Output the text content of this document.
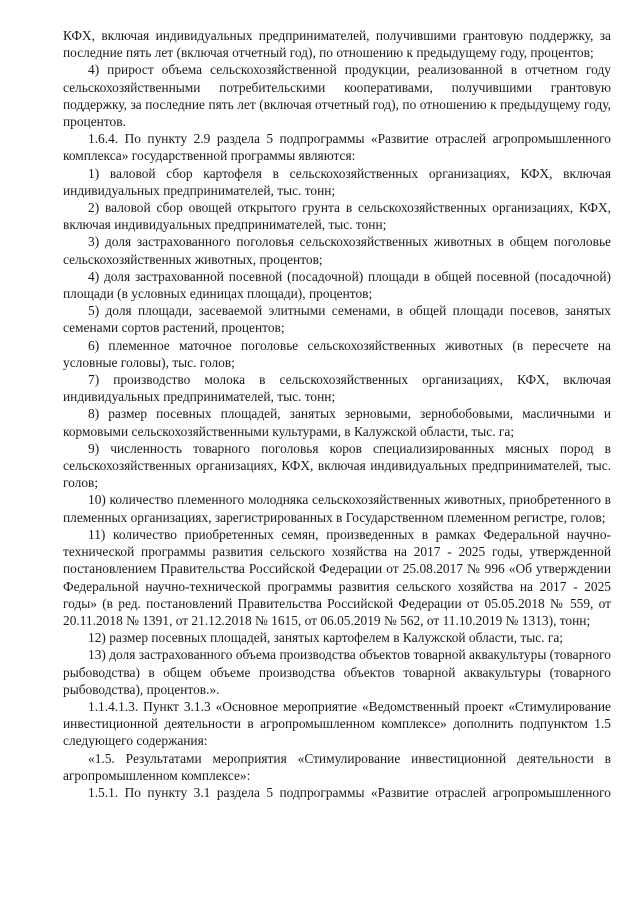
КФХ, включая индивидуальных предпринимателей, получившими грантовую поддержку, за последние пять лет (включая отчетный год), по отношению к предыдущему году, процентов;

4) прирост объема сельскохозяйственной продукции, реализованной в отчетном году сельскохозяйственными потребительскими кооперативами, получившими грантовую поддержку, за последние пять лет (включая отчетный год), по отношению к предыдущему году, процентов.

1.6.4. По пункту 2.9 раздела 5 подпрограммы «Развитие отраслей агропромышленного комплекса» государственной программы являются:

1) валовой сбор картофеля в сельскохозяйственных организациях, КФХ, включая индивидуальных предпринимателей, тыс. тонн;

2) валовой сбор овощей открытого грунта в сельскохозяйственных организациях, КФХ, включая индивидуальных предпринимателей, тыс. тонн;

3) доля застрахованного поголовья сельскохозяйственных животных в общем поголовье сельскохозяйственных животных, процентов;

4) доля застрахованной посевной (посадочной) площади в общей посевной (посадочной) площади (в условных единицах площади), процентов;

5) доля площади, засеваемой элитными семенами, в общей площади посевов, занятых семенами сортов растений, процентов;

6) племенное маточное поголовье сельскохозяйственных животных (в пересчете на условные головы), тыс. голов;

7) производство молока в сельскохозяйственных организациях, КФХ, включая индивидуальных предпринимателей, тыс. тонн;

8) размер посевных площадей, занятых зерновыми, зернобобовыми, масличными и кормовыми сельскохозяйственными культурами, в Калужской области, тыс. га;

9) численность товарного поголовья коров специализированных мясных пород в сельскохозяйственных организациях, КФХ, включая индивидуальных предпринимателей, тыс. голов;

10) количество племенного молодняка сельскохозяйственных животных, приобретенного в племенных организациях, зарегистрированных в Государственном племенном регистре, голов;

11) количество приобретенных семян, произведенных в рамках Федеральной научно-технической программы развития сельского хозяйства на 2017 - 2025 годы, утвержденной постановлением Правительства Российской Федерации от 25.08.2017 № 996 «Об утверждении Федеральной научно-технической программы развития сельского хозяйства на 2017 - 2025 годы» (в ред. постановлений Правительства Российской Федерации от 05.05.2018 № 559, от 20.11.2018 № 1391, от 21.12.2018 № 1615, от 06.05.2019 № 562, от 11.10.2019 № 1313), тонн;

12) размер посевных площадей, занятых картофелем в Калужской области, тыс. га;

13) доля застрахованного объема производства объектов товарной аквакультуры (товарного рыбоводства) в общем объеме производства объектов товарной аквакультуры (товарного рыбоводства), процентов.».

1.1.4.1.3. Пункт 3.1.3 «Основное мероприятие «Ведомственный проект «Стимулирование инвестиционной деятельности в агропромышленном комплексе» дополнить подпунктом 1.5 следующего содержания:

«1.5. Результатами мероприятия «Стимулирование инвестиционной деятельности в агропромышленном комплексе»:

1.5.1. По пункту 3.1 раздела 5 подпрограммы «Развитие отраслей агропромышленного
